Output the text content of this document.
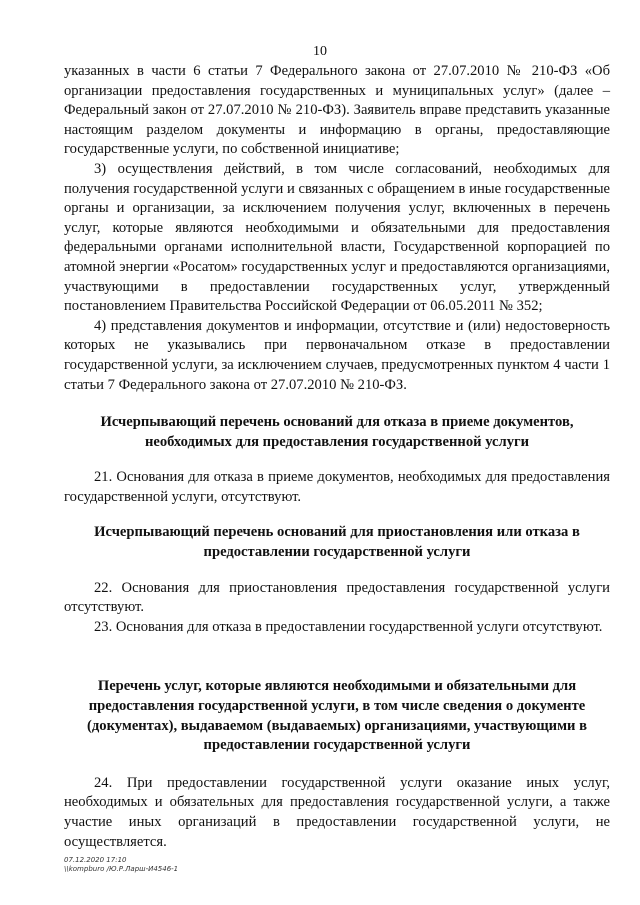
10

указанных в части 6 статьи 7 Федерального закона от 27.07.2010 № 210-ФЗ «Об организации предоставления государственных и муниципальных услуг» (далее – Федеральный закон от 27.07.2010 № 210-ФЗ). Заявитель вправе представить указанные настоящим разделом документы и информацию в органы, предоставляющие государственные услуги, по собственной инициативе;

3) осуществления действий, в том числе согласований, необходимых для получения государственной услуги и связанных с обращением в иные государственные органы и организации, за исключением получения услуг, включенных в перечень услуг, которые являются необходимыми и обязательными для предоставления федеральными органами исполнительной власти, Государственной корпорацией по атомной энергии «Росатом» государственных услуг и предоставляются организациями, участвующими в предоставлении государственных услуг, утвержденный постановлением Правительства Российской Федерации от 06.05.2011 № 352;

4) представления документов и информации, отсутствие и (или) недостоверность которых не указывались при первоначальном отказе в предоставлении государственной услуги, за исключением случаев, предусмотренных пунктом 4 части 1 статьи 7 Федерального закона от 27.07.2010 № 210-ФЗ.

Исчерпывающий перечень оснований для отказа в приеме документов, необходимых для предоставления государственной услуги

21. Основания для отказа в приеме документов, необходимых для предоставления государственной услуги, отсутствуют.

Исчерпывающий перечень оснований для приостановления или отказа в предоставлении государственной услуги

22. Основания для приостановления предоставления государственной услуги отсутствуют.

23. Основания для отказа в предоставлении государственной услуги отсутствуют.

Перечень услуг, которые являются необходимыми и обязательными для предоставления государственной услуги, в том числе сведения о документе (документах), выдаваемом (выдаваемых) организациями, участвующими в предоставлении государственной услуги

24. При предоставлении государственной услуги оказание иных услуг, необходимых и обязательных для предоставления государственной услуги, а также участие иных организаций в предоставлении государственной услуги, не осуществляется.

07.12.2020 17:10
\\kompburo /Ю.Р.Ларш-И4546-1
